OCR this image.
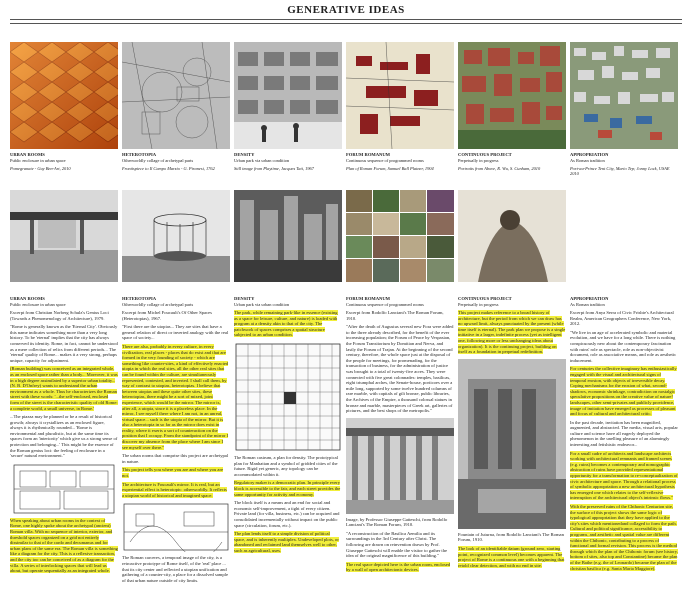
GENERATIVE IDEAS
URBAN ROOMS
Public enclosure in urban space
Pomegranate - Guy Ben-Art, 2010
URBAN ROOMS
Public enclosure in urban space

Excerpt from Christian Norberg Schulz's Genius Loci (Towards a Phenomenology of Architecture), 1979.

"Rome is generally known as the 'Eternal City'. Obviously this name indicates something more than a very long history. To be 'eternal' implies that the city has always conserved its identity. Rome, in fact, cannot be understood as a mere collection of relics from different periods... The 'eternal' quality of Rome... makes it a very strong, perhaps unique, capacity for adjustment.

(Roman building) was conceived as an integrated whole, as an enclosed space rather than a body... Moreover, it was in a high degree assimilated by a superior urban totality... (N. B. D'Onfrey) wants to understand the urban environment as a whole. Thus he characterizes the Roman street with these words: '...the self-enclosed, enclosed form of the street is the characteristic quality of old Rome: a complete world, a small universe, in Rome.'

...The piazza may be planned or be a result of historical growth; always it crystallizes as an enclosed figure, always it is rhythmically rounded... 'Rome is environmental and pluralistic, but at the same time its spaces form an 'interiority' which give us a strong sense of protection and belonging...' This might be the essence of the Roman genius loci: the feeling of enclosure in a 'secure' natural environment."

When speaking about urban rooms in the context of Rome, one highly spoke about the archetypal (ancient) Roman villa. With no sequence of interior, exterior, and threshold spaces organized on a grid not entirely dissimilar to that of the cardo and decumanus and for urban plans of the same era. The Roman villa is something like a diagram for the city. This is a reflexive transaction, and the city too can be conceived of as a diagram for the villa. A series of interlocking spaces that will lead us about, but operate sequentially as an integrated whole.

HETEROTOPIA
Otherworldly collage of archetypal parts
Frontispiece to Il Campo Marzio - G. Piranesi, 1762
HETEROTOPIA
Otherworldly collage of archetypal parts

Excerpt from Michel Foucault's Of Other Spaces (Heterotopias), 1967.

"First there are the utopias... They are sites that have a general relation of direct or inverted analogy with the real space of society...

There are also, probably in every culture, in every civilization, real places - places that do exist and that are formed in the very founding of society - which are something like counter-sites, a kind of effectively enacted utopia in which the real sites, all the other real sites that can be found within the culture, are simultaneously represented, contested, and inverted. I shall call them, by way of contrast to utopias, heterotopias. I believe that between utopias and these quite other sites, these heterotopias, there might be a sort of mixed, joint experience, which would be the mirror. The mirror is, after all, a utopia, since it is a placeless place. In the mirror, I see myself there where I am not, in an unreal, virtual space... such is the utopia of the mirror. But it is also a heterotopia in so far as the mirror does exist in reality, where it exerts a sort of counteraction on the position that I occupy. From the standpoint of the mirror I discover my absence from the place where I am since I see myself over there."

The urban rooms that comprise this project are archetypal in nature.

This project tells you where you are and where you are not.

The architecture is Foucault's mirror. It is real, but an experiential effect is heterotopic: otherworldly. It reflects a utopian world of historical and imagined space.

The Roman carceres, a temporal image of the city, is a retroactive prototype of Rome itself, of the 'real' place ... that its city center and reflected a utopian unification and gathering of a counter-city, a place for a dissolved sample of that urban nature outside of city limits.

DENSITY
Urban park via urban condition
Still image from Playtime, Jacques Tati, 1967
DENSITY
Urban park via urban condition

The park, while remaining park-like in essence (existing as a space for leisure, culture, and nature) is loaded with program at a density akin to that of the city. The patchwork of spaces comprises a spatial structure subjected to an urban condition.

The Roman castrum, a plan for density. The prototypical plan for Manhattan and a symbol of gridded cities of the future. Rigid yet generic, any topology can be accommodated within it.

Regulatory maker is a democratic plan. In principle every block is accessible to the fair, and each street provides the same opportunity for activity and economy.

The block itself is a means and an end for social and economic self-improvement, a tight of every citizen. Private land (for villa, business, etc.) can be acquired and consolidated incrementally without impact on the public space (circulation, forum, etc.).

The plan lends itself to a simple division of political space, and is inherently multiplex. Undeveloped plots, or abandoned and reclaimed land themselves well to other, such as agricultural, uses.

FORUM ROMANUM
Continuous sequence of programmed rooms
Plan of Roman Forum, Samuel Ball Platner, 1904
FORUM ROMANUM
Continuous sequence of programmed rooms

Excerpt from Rodolfo Lanciani's The Roman Forum, 1910.

"After the death of Augustus several new Fora were added to the three already described, for the benefit of the ever increasing population; the Forum of Peace by Vespasian, the Forum Transitorium by Domitian and Nerva, and lastly the Forum of Trajan. At the beginning of the second century, therefore, the whole space just at the disposal of the people for meetings, for promenading, for the transaction of business, for the administration of justice was brought to a total of twenty-five acres. They were connected with five great colonnades: temples, basilicas, eight triumphal arches, the Senate-house, porticoes over a mile long, supported by some twelve hundred columns of rare marble, with capitals of gilt bronze, public libraries, the Archives of the Empire, a thousand colossal statues in bronze and marble, masterpieces of Greek art, galleries of pictures, and the best shops of the metropolis."

Image, by Professor Giuseppe Gatteschi, from Rodolfo Lanciani's The Roman Forum, 1910.

"A reconstruction of the Basilica Aemilia and its surroundings in the 3rd Century after Christ. The following are drawn on reinvention drawn by Prof. Giuseppe Gatteschi will enable the visitor to gather the idea of the original magnificence of this building."

The real space depicted here is the urban room, enclosed by a wall of open architectonic devices.

CONTINUOUS PROJECT
Perpetually in progress
Portraits from Above, R. Wu, S. Cunham, 2010
CONTINUOUS PROJECT
Perpetually in progress

This project makes reference to a broad history of architecture, but the period from which we can draw has no upward limit, always punctuated by the present (while time itself is eternal). The park plan we propose is a single initiative in a larger, indefinite process (yet as intelligent one, following more or less unchanging ideas about organization). It is the continuing project, building on itself as a foundation in perpetual redefinition.

Fountain of Juturna, from Rodolfo Lanciani's The Roman Forum, 1910.

The look of an identifiable datum (ground zero, starting point, recognized common level) becomes apparent. The project of Rome is a continuous one with a beginning that retold clear detection, and with no end in site.

APPROPRIATION
As Roman tradition
Port-au-Prince Tent City, Mario Tep; Jonny Lock, USAE 2010
APPROPRIATION
As Roman tradition

Excerpt from Anya Serra of Civic Frisbie's Architectural Realm, American Geographers Conference, New York, 2012.

"We live in an age of accelerated symbolic and material evolution, and we have for a long while. There is nothing conspicuously new about the contemporary fascination with ruins' role as spectacle, role as non-objectivist document, role as associative means, and role as aesthetic inducement.

For centuries the collective imaginary has enthusiastically engaged with the visual and architectural signs of temporal erosion, with objects of irreversible decay. Coping mechanisms for the erosion of what, second-shadows, economic shrinkage, contradiction on nostalgic speculative propositions on the creative value of nature! landscapes, other semi-privates and publicly providence, image of imitation have emerged as processes of pleasant and focus of cultural and architectural critic.

In the past decade, invitation has been magnified, augmented, and abstracted. The media, visual arts, popular culture and science have all eagerly deployed the phenomenon in the unelling pleasure of an alarmingly interesting and fetishistic endeavor...

For a small cadre of architects and landscape architects working with architectural remnants and framed scenes (e.g. ruins) becomes a contemporary and nomographic abstraction of ruins have provided representational opportunity for a transformation to re-conceptualization of civic architecture and space. Through a relational process of symbolic appropriation a new architectural hypothesis has emerged one which relates to the self-reflexive interruption of the architectural object's intrinsic flows."

With the preserved ruins of the Chthonic Centurion site, the surface of this project shows the same logic of typological appropriation that they have applied to the city's sites which mentionedand collaged to form the path. Cultural and political significance, accessibility to programs, and aesthetic and spatial value are different within the Chthonic, contributing to a process of functional and formal revision. This process is the method through which the plan of the Chthonic forum (see history, bottom of sites, also top and Constantine) became the plan of the Bathe (e.g. the of Leonardo) became the plan of the christian basilica (e.g. Santa Maria Maggiore).
